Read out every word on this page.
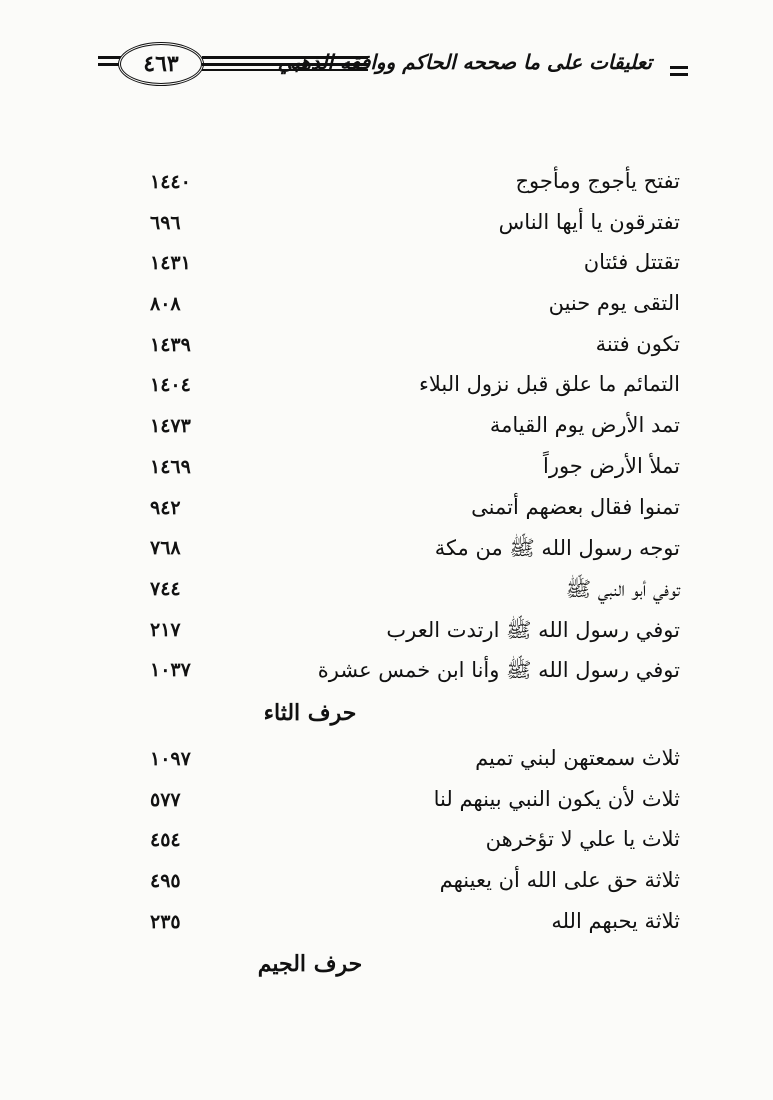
٤٦٣	تعليقات على ما صححه الحاكم ووافقه الذهبي
تفتح يأجوج ومأجوج
١٤٤٠
تفترقون يا أيها الناس
٦٩٦
تقتتل فئتان
١٤٣١
التقى يوم حنين
٨٠٨
تكون فتنة
١٤٣٩
التمائم ما علق قبل نزول البلاء
١٤٠٤
تمد الأرض يوم القيامة
١٤٧٣
تملأ الأرض جوراً
١٤٦٩
تمنوا فقال بعضهم أتمنى
٩٤٢
توجه رسول الله ﷺ من مكة
٧٦٨
توفي أبو النبي ﷺ
٧٤٤
توفي رسول الله ﷺ ارتدت العرب
٢١٧
توفي رسول الله ﷺ وأنا ابن خمس عشرة
١٠٣٧
حرف الثاء
ثلاث سمعتهن لبني تميم
١٠٩٧
ثلاث لأن يكون النبي بينهم لنا
٥٧٧
ثلاث يا علي لا تؤخرهن
٤٥٤
ثلاثة حق على الله أن يعينهم
٤٩٥
ثلاثة يحبهم الله
٢٣٥
حرف الجيم
